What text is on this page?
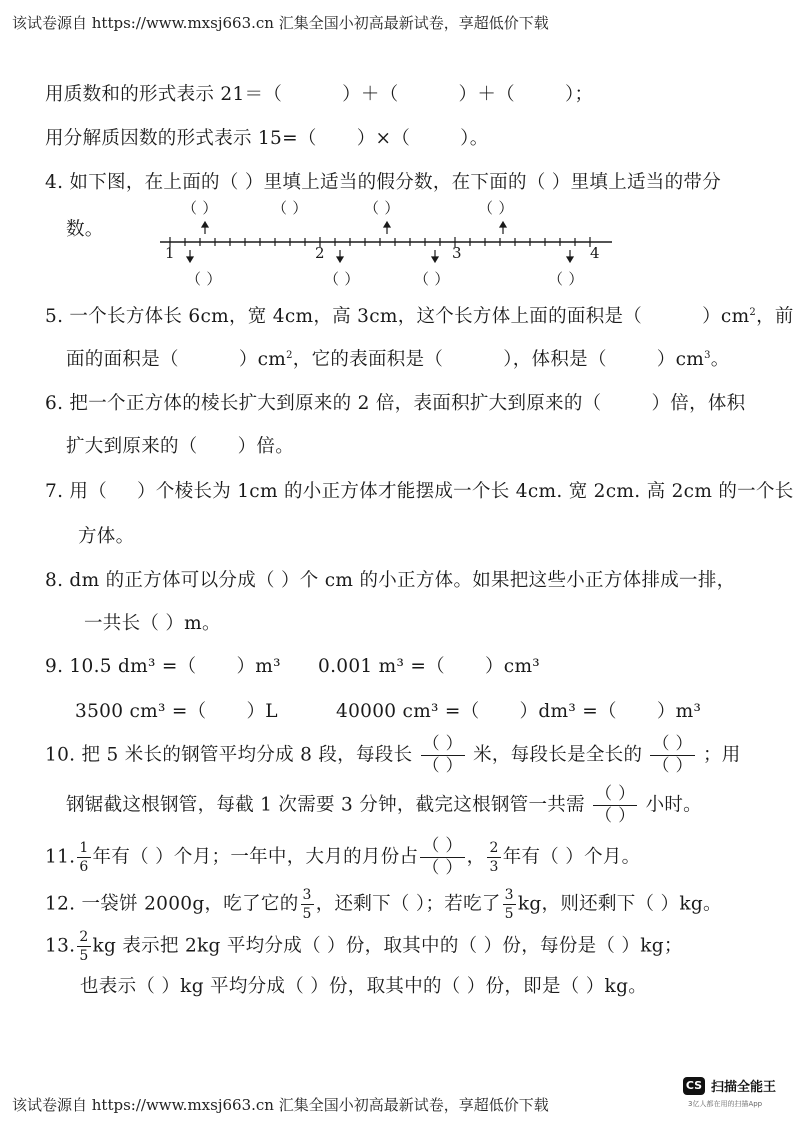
该试卷源自 https://www.mxsj663.cn 汇集全国小初高最新试卷，享超低价下载
用质数和的形式表示 21＝（	）＋（	）＋（	）；
用分解质因数的形式表示 15=（ ）×（	）。
4. 如下图，在上面的（ ）里填上适当的假分数，在下面的（ ）里填上适当的带分
数。
（ ）	（ ）	（ ）	（ ）
1	2	3	4
（ ）	（ ）	（ ）	（ ）
5. 一个长方体长 6cm，宽 4cm，高 3cm，这个长方体上面的面积是（	）$cm^2$，前
面的面积是（	）$cm^2$，它的表面积是（	），体积是（	）$cm^3$。
6. 把一个正方体的棱长扩大到原来的 2 倍，表面积扩大到原来的（	）倍，体积
扩大到原来的（ ）倍。
7. 用（ ）个棱长为 1cm 的小正方体才能摆成一个长 4cm. 宽 2cm. 高 2cm 的一个长
方体。
8. dm 的正方体可以分成（ ）个 cm 的小正方体。如果把这些小正方体排成一排，
一共长（ ）m。
9. 10.5 dm³ =（ ）m³ 0.001 m³ =（ ）cm³
3500 cm³ =（ ）L	40000 cm³ =（ ）dm³ =（ ）m³
10. 把 5 米长的钢管平均分成 8 段，每段长 $\frac{( )}{( )}$ 米，每段长是全长的 $\frac{( )}{( )}$ ；用
钢锯截这根钢管，每截 1 次需要 3 分钟，截完这根钢管一共需 $\frac{( )}{( )}$ 小时。
11. $\frac{1}{6}$ 年有（ ）个月；一年中，大月的月份占 $\frac{( )}{( )}$ ， $\frac{2}{3}$ 年有（ ）个月。
12. 一袋饼 2000g，吃了它的 $\frac{3}{5}$ ，还剩下（ ）；若吃了 $\frac{3}{5}$ kg，则还剩下（ ）kg。
13. $\frac{2}{5}$ kg 表示把 2kg 平均分成（ ）份，取其中的（ ）份，每份是（ ）kg；
也表示（ ）kg 平均分成（ ）份，取其中的（ ）份，即是（ ）kg。
该试卷源自 https://www.mxsj663.cn 汇集全国小初高最新试卷，享超低价下载
CS 扫描全能王
3亿人都在用的扫描App
